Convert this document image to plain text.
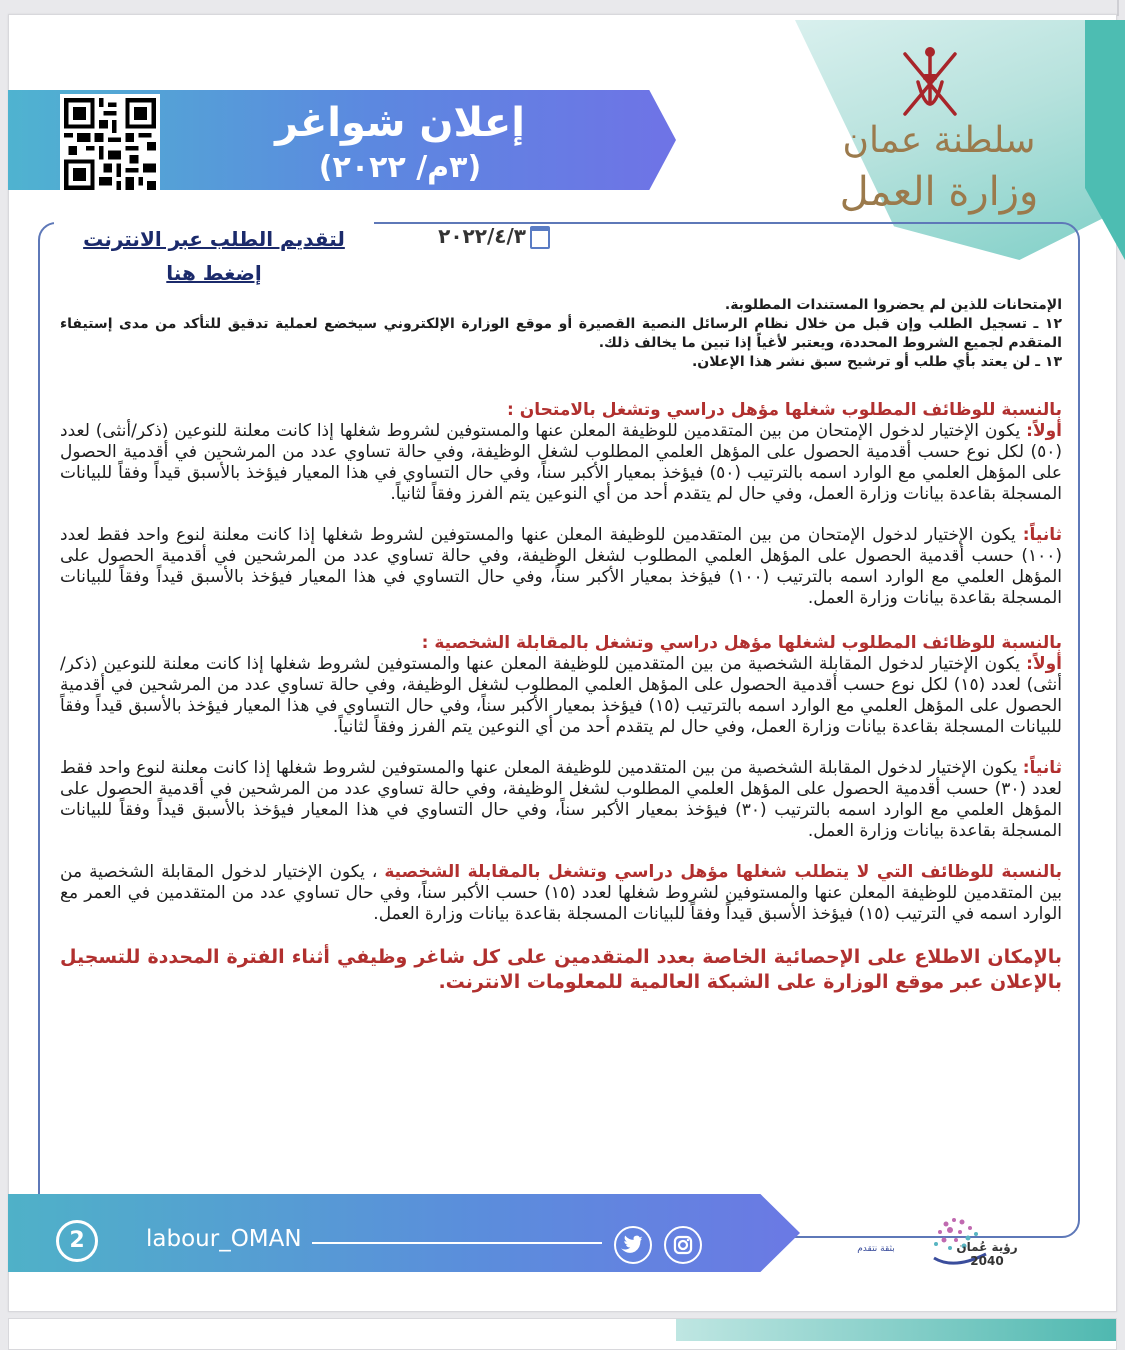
سلطنة عمان
وزارة العمل
إعلان شواغر
(٣م/ ٢٠٢٢)
٢٠٢٢/٤/٣
لتقديم الطلب عبر الانترنت إضغط هنا

الإمتحانات للذين لم يحضروا المستندات المطلوبة.

١٢ ـ تسجيل الطلب وإن قبل من خلال نظام الرسائل النصية القصيرة أو موقع الوزارة الإلكتروني سيخضع لعملية تدقيق للتأكد من مدى إستيفاء المتقدم لجميع الشروط المحددة، ويعتبر لأغياً إذا تبين ما يخالف ذلك.

١٣ ـ لن يعتد بأي طلب أو ترشيح سبق نشر هذا الإعلان.

بالنسبة للوظائف المطلوب شغلها مؤهل دراسي وتشغل بالامتحان :

أولاً: يكون الإختيار لدخول الإمتحان من بين المتقدمين للوظيفة المعلن عنها والمستوفين لشروط شغلها إذا كانت معلنة للنوعين (ذكر/أنثى) لعدد (٥٠) لكل نوع حسب أقدمية الحصول على المؤهل العلمي المطلوب لشغل الوظيفة، وفي حالة تساوي عدد من المرشحين في أقدمية الحصول على المؤهل العلمي مع الوارد اسمه بالترتيب (٥٠) فيؤخذ بمعيار الأكبر سناً، وفي حال التساوي في هذا المعيار فيؤخذ بالأسبق قيداً وفقاً للبيانات المسجلة بقاعدة بيانات وزارة العمل، وفي حال لم يتقدم أحد من أي النوعين يتم الفرز وفقاً لثانياً.

ثانياً: يكون الإختيار لدخول الإمتحان من بين المتقدمين للوظيفة المعلن عنها والمستوفين لشروط شغلها إذا كانت معلنة لنوع واحد فقط لعدد (١٠٠) حسب أقدمية الحصول على المؤهل العلمي المطلوب لشغل الوظيفة، وفي حالة تساوي عدد من المرشحين في أقدمية الحصول على المؤهل العلمي مع الوارد اسمه بالترتيب (١٠٠) فيؤخذ بمعيار الأكبر سناً، وفي حال التساوي في هذا المعيار فيؤخذ بالأسبق قيداً وفقاً للبيانات المسجلة بقاعدة بيانات وزارة العمل.

بالنسبة للوظائف المطلوب لشغلها مؤهل دراسي وتشغل بالمقابلة الشخصية :

أولاً: يكون الإختيار لدخول المقابلة الشخصية من بين المتقدمين للوظيفة المعلن عنها والمستوفين لشروط شغلها إذا كانت معلنة للنوعين (ذكر/أنثى) لعدد (١٥) لكل نوع حسب أقدمية الحصول على المؤهل العلمي المطلوب لشغل الوظيفة، وفي حالة تساوي عدد من المرشحين في أقدمية الحصول على المؤهل العلمي مع الوارد اسمه بالترتيب (١٥) فيؤخذ بمعيار الأكبر سناً، وفي حال التساوي في هذا المعيار فيؤخذ بالأسبق قيداً وفقاً للبيانات المسجلة بقاعدة بيانات وزارة العمل، وفي حال لم يتقدم أحد من أي النوعين يتم الفرز وفقاً لثانياً.

ثانياً: يكون الإختيار لدخول المقابلة الشخصية من بين المتقدمين للوظيفة المعلن عنها والمستوفين لشروط شغلها إذا كانت معلنة لنوع واحد فقط لعدد (٣٠) حسب أقدمية الحصول على المؤهل العلمي المطلوب لشغل الوظيفة، وفي حالة تساوي عدد من المرشحين في أقدمية الحصول على المؤهل العلمي مع الوارد اسمه بالترتيب (٣٠) فيؤخذ بمعيار الأكبر سناً، وفي حال التساوي في هذا المعيار فيؤخذ بالأسبق قيداً وفقاً للبيانات المسجلة بقاعدة بيانات وزارة العمل.

بالنسبة للوظائف التي لا يتطلب شغلها مؤهل دراسي وتشغل بالمقابلة الشخصية ، يكون الإختيار لدخول المقابلة الشخصية من بين المتقدمين للوظيفة المعلن عنها والمستوفين لشروط شغلها لعدد (١٥) حسب الأكبر سناً، وفي حال تساوي عدد من المتقدمين في العمر مع الوارد اسمه في الترتيب (١٥) فيؤخذ الأسبق قيداً وفقاً للبيانات المسجلة بقاعدة بيانات وزارة العمل.

بالإمكان الاطلاع على الإحصائية الخاصة بعدد المتقدمين على كل شاغر وظيفي أثناء الفترة المحددة للتسجيل بالإعلان عبر موقع الوزارة على الشبكة العالمية للمعلومات الانترنت.

2	labour_OMAN	بثقة نتقدم	رؤية عُمان 2040
